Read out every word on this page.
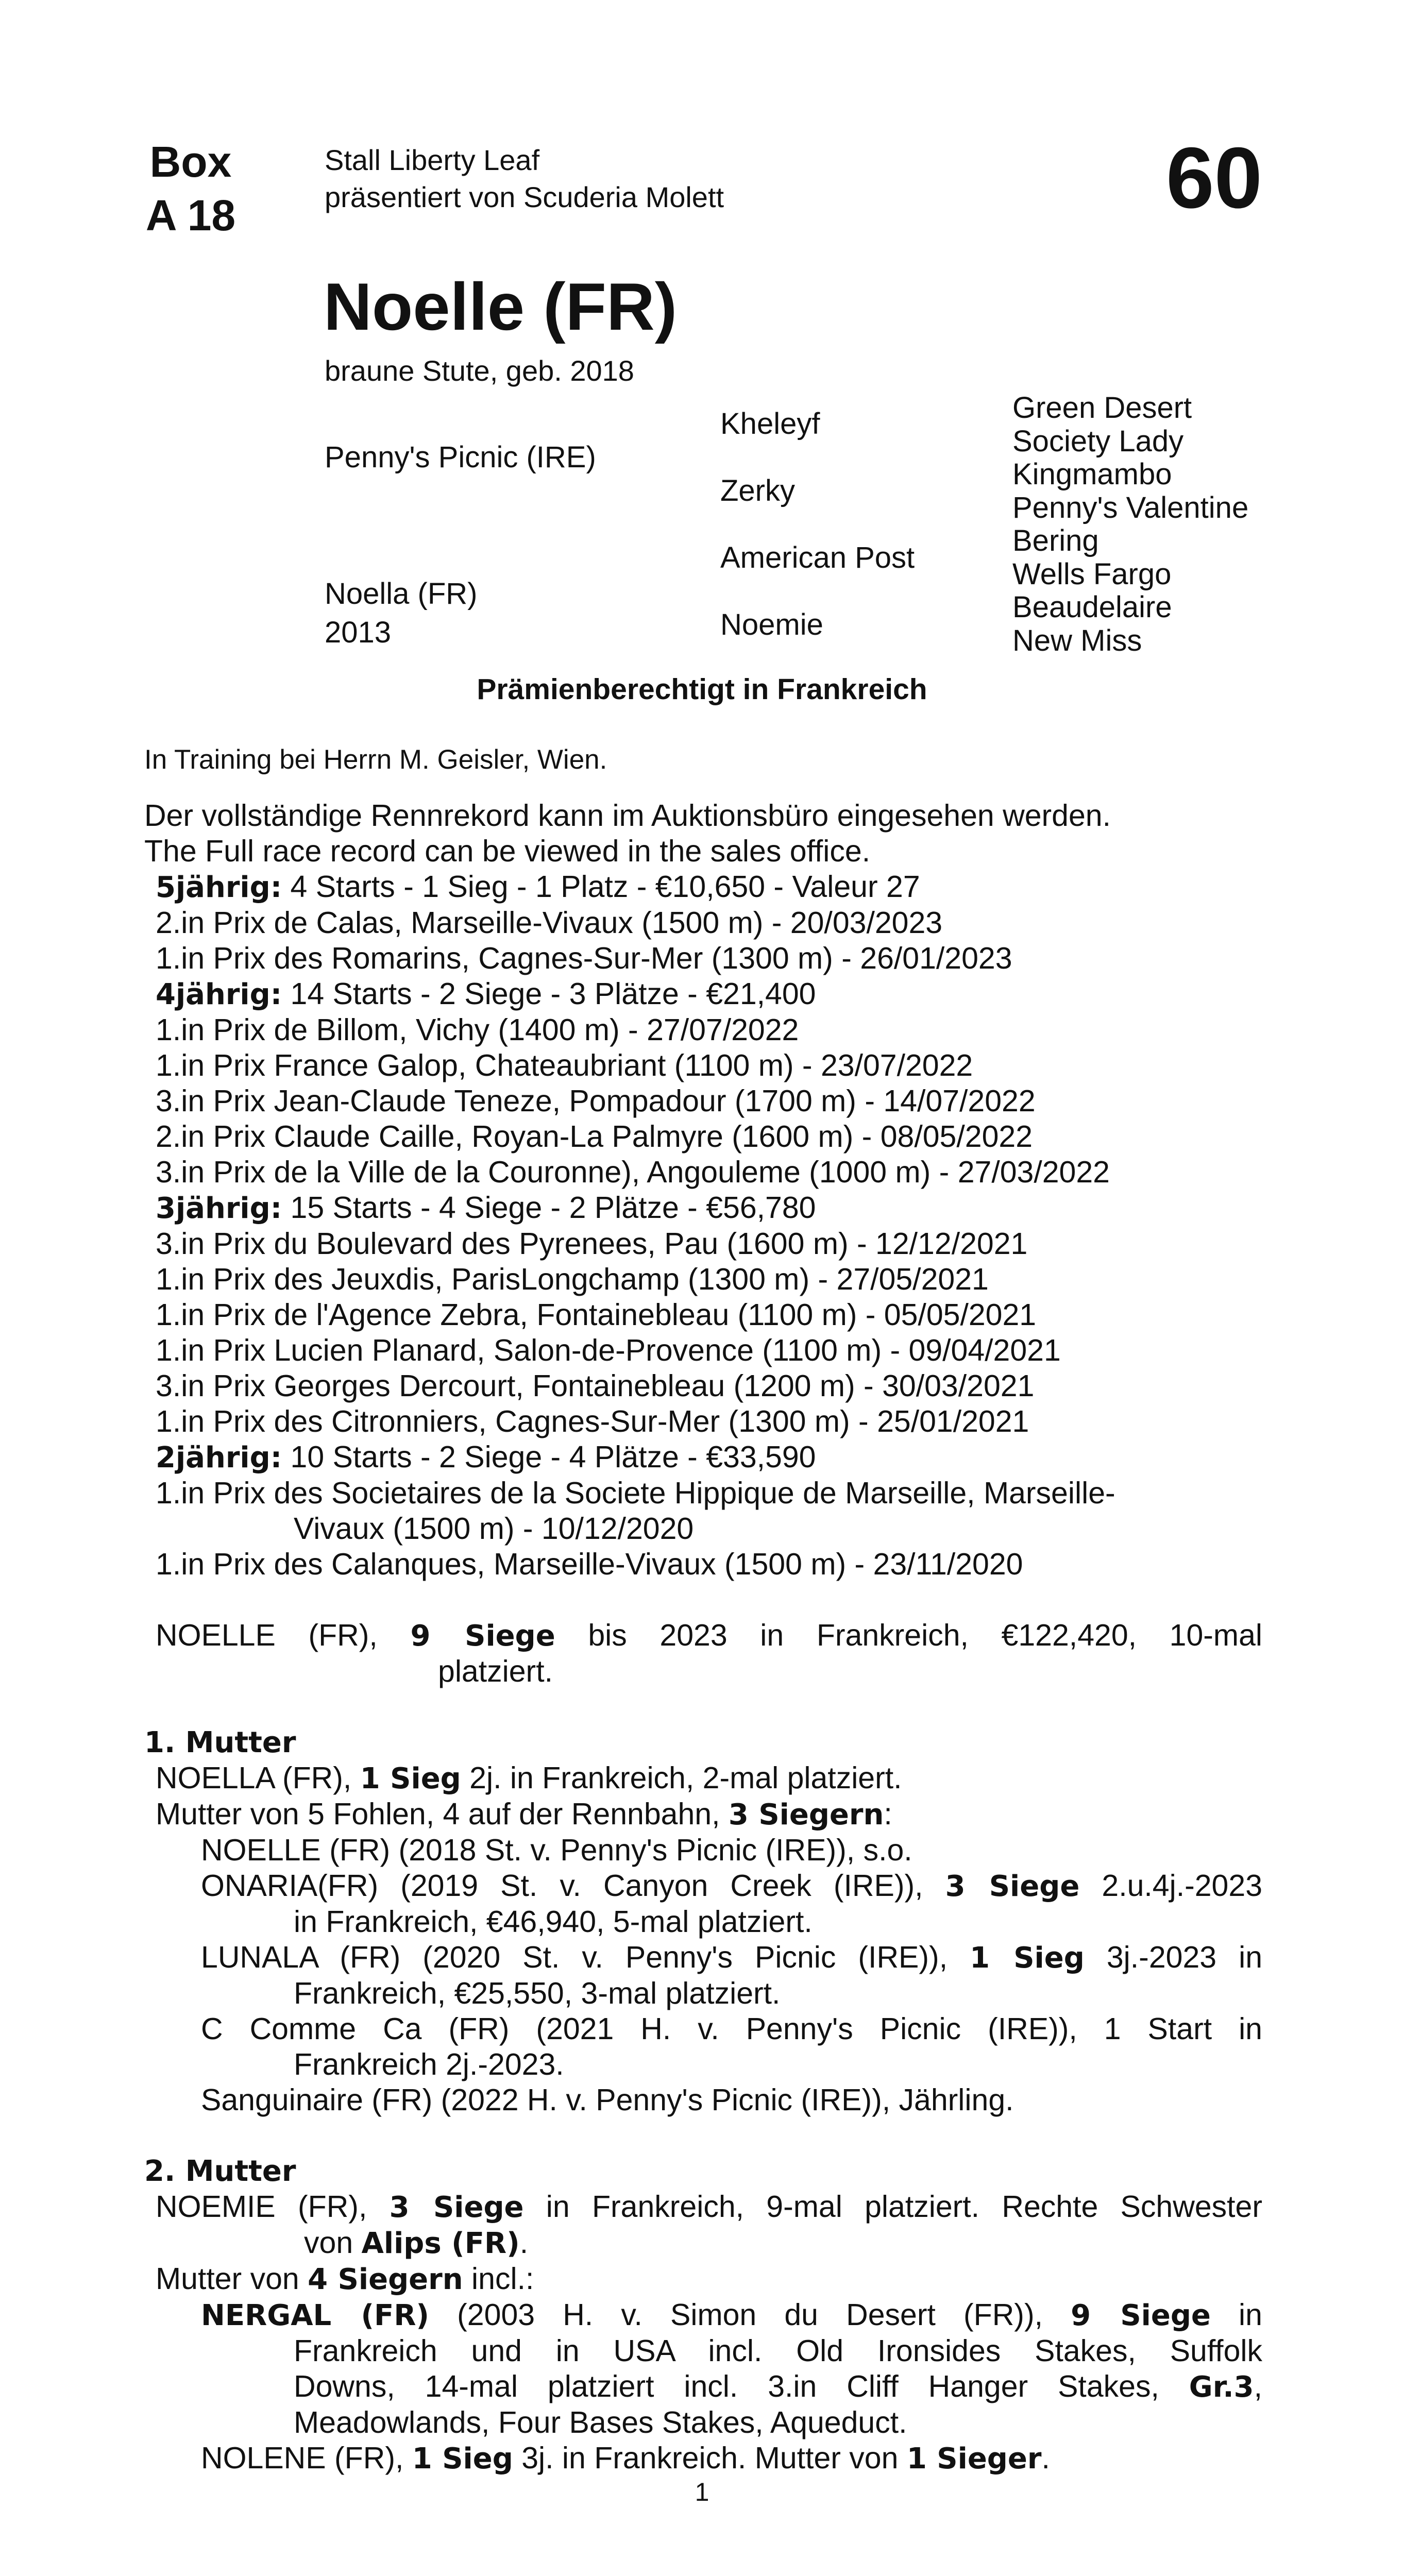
Box
A 18
Stall Liberty Leaf
präsentiert von Scuderia Molett	60
Noelle (FR)
braune Stute, geb. 2018
Penny's Picnic (IRE)
Noella (FR)
2013
Kheleyf
Zerky
American Post
Noemie
Green Desert
Society Lady
Kingmambo
Penny's Valentine
Bering
Wells Fargo
Beaudelaire
New Miss
Prämienberechtigt in Frankreich

In Training bei Herrn M. Geisler, Wien.

Der vollständige Rennrekord kann im Auktionsbüro eingesehen werden.

The Full race record can be viewed in the sales office.

5jährig: 4 Starts - 1 Sieg - 1 Platz - €10,650 - Valeur 27

2.in Prix de Calas, Marseille-Vivaux (1500 m) - 20/03/2023

1.in Prix des Romarins, Cagnes-Sur-Mer (1300 m) - 26/01/2023

4jährig: 14 Starts - 2 Siege - 3 Plätze - €21,400

1.in Prix de Billom, Vichy (1400 m) - 27/07/2022

1.in Prix France Galop, Chateaubriant (1100 m) - 23/07/2022

3.in Prix Jean-Claude Teneze, Pompadour (1700 m) - 14/07/2022

2.in Prix Claude Caille, Royan-La Palmyre (1600 m) - 08/05/2022

3.in Prix de la Ville de la Couronne), Angouleme (1000 m) - 27/03/2022

3jährig: 15 Starts - 4 Siege - 2 Plätze - €56,780

3.in Prix du Boulevard des Pyrenees, Pau (1600 m) - 12/12/2021

1.in Prix des Jeuxdis, ParisLongchamp (1300 m) - 27/05/2021

1.in Prix de l'Agence Zebra, Fontainebleau (1100 m) - 05/05/2021

1.in Prix Lucien Planard, Salon-de-Provence (1100 m) - 09/04/2021

3.in Prix Georges Dercourt, Fontainebleau (1200 m) - 30/03/2021

1.in Prix des Citronniers, Cagnes-Sur-Mer (1300 m) - 25/01/2021

2jährig: 10 Starts - 2 Siege - 4 Plätze - €33,590

1.in Prix des Societaires de la Societe Hippique de Marseille, Marseille-

Vivaux (1500 m) - 10/12/2020

1.in Prix des Calanques, Marseille-Vivaux (1500 m) - 23/11/2020

NOELLE (FR), 9 Siege bis 2023 in Frankreich, €122,420, 10-mal

platziert.

1. Mutter

NOELLA (FR), 1 Sieg 2j. in Frankreich, 2-mal platziert.

Mutter von 5 Fohlen, 4 auf der Rennbahn, 3 Siegern:

NOELLE (FR) (2018 St. v. Penny's Picnic (IRE)), s.o.

ONARIA(FR) (2019 St. v. Canyon Creek (IRE)), 3 Siege 2.u.4j.-2023

in Frankreich, €46,940, 5-mal platziert.

LUNALA (FR) (2020 St. v. Penny's Picnic (IRE)), 1 Sieg 3j.-2023 in

Frankreich, €25,550, 3-mal platziert.

C Comme Ca (FR) (2021 H. v. Penny's Picnic (IRE)), 1 Start in

Frankreich 2j.-2023.

Sanguinaire (FR) (2022 H. v. Penny's Picnic (IRE)), Jährling.

2. Mutter

NOEMIE (FR), 3 Siege in Frankreich, 9-mal platziert. Rechte Schwester

von Alips (FR).

Mutter von 4 Siegern incl.:

NERGAL (FR) (2003 H. v. Simon du Desert (FR)), 9 Siege in

Frankreich und in USA incl. Old Ironsides Stakes, Suffolk

Downs, 14-mal platziert incl. 3.in Cliff Hanger Stakes, Gr.3,

Meadowlands, Four Bases Stakes, Aqueduct.

NOLENE (FR), 1 Sieg 3j. in Frankreich. Mutter von 1 Sieger.

1
